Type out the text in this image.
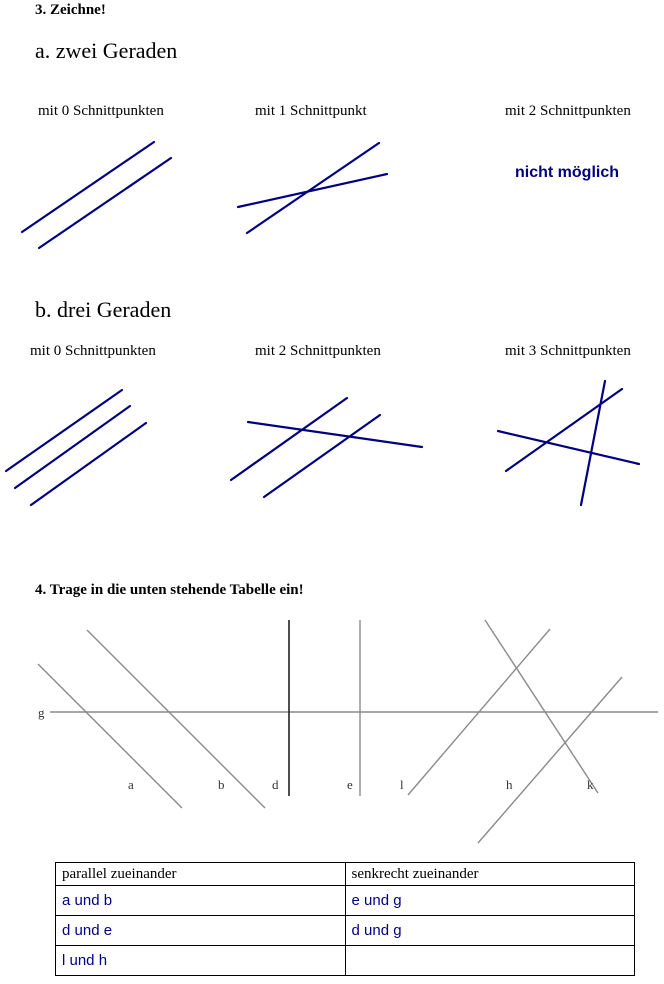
3. Zeichne!
a. zwei Geraden
mit 0 Schnittpunkten	mit 1 Schnittpunkt	mit 2 Schnittpunkten
nicht möglich
b. drei Geraden
mit 0 Schnittpunkten	mit 2 Schnittpunkten	mit 3 Schnittpunkten
4. Trage in die unten stehende Tabelle ein!
g
a	b	d	e	l	h	k
parallel zueinander	senkrecht zueinander
a und b	e und g
d und e	d und g
l und h	
